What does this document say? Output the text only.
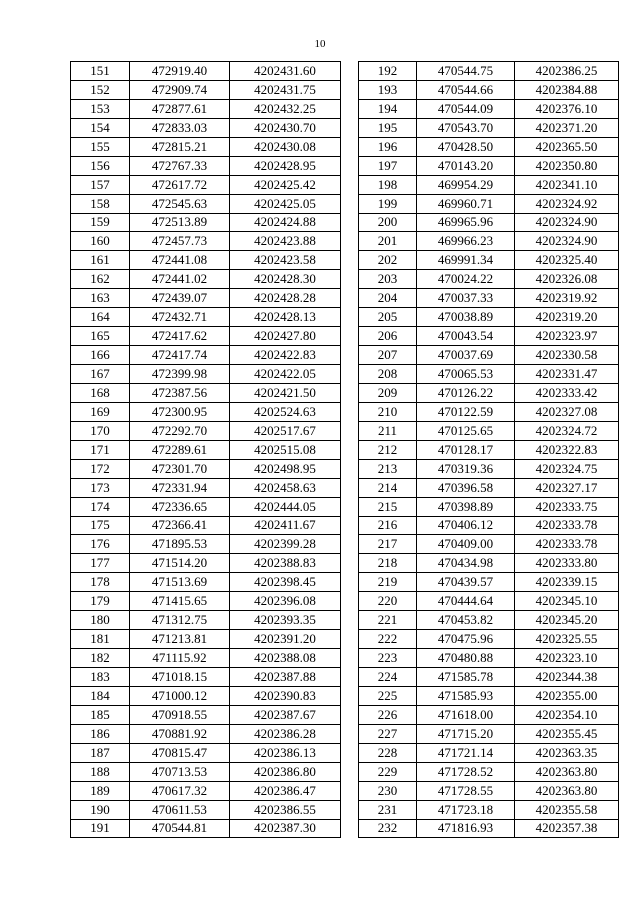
10
151	472919.40	4202431.60
152	472909.74	4202431.75
153	472877.61	4202432.25
154	472833.03	4202430.70
155	472815.21	4202430.08
156	472767.33	4202428.95
157	472617.72	4202425.42
158	472545.63	4202425.05
159	472513.89	4202424.88
160	472457.73	4202423.88
161	472441.08	4202423.58
162	472441.02	4202428.30
163	472439.07	4202428.28
164	472432.71	4202428.13
165	472417.62	4202427.80
166	472417.74	4202422.83
167	472399.98	4202422.05
168	472387.56	4202421.50
169	472300.95	4202524.63
170	472292.70	4202517.67
171	472289.61	4202515.08
172	472301.70	4202498.95
173	472331.94	4202458.63
174	472336.65	4202444.05
175	472366.41	4202411.67
176	471895.53	4202399.28
177	471514.20	4202388.83
178	471513.69	4202398.45
179	471415.65	4202396.08
180	471312.75	4202393.35
181	471213.81	4202391.20
182	471115.92	4202388.08
183	471018.15	4202387.88
184	471000.12	4202390.83
185	470918.55	4202387.67
186	470881.92	4202386.28
187	470815.47	4202386.13
188	470713.53	4202386.80
189	470617.32	4202386.47
190	470611.53	4202386.55
191	470544.81	4202387.30
192	470544.75	4202386.25
193	470544.66	4202384.88
194	470544.09	4202376.10
195	470543.70	4202371.20
196	470428.50	4202365.50
197	470143.20	4202350.80
198	469954.29	4202341.10
199	469960.71	4202324.92
200	469965.96	4202324.90
201	469966.23	4202324.90
202	469991.34	4202325.40
203	470024.22	4202326.08
204	470037.33	4202319.92
205	470038.89	4202319.20
206	470043.54	4202323.97
207	470037.69	4202330.58
208	470065.53	4202331.47
209	470126.22	4202333.42
210	470122.59	4202327.08
211	470125.65	4202324.72
212	470128.17	4202322.83
213	470319.36	4202324.75
214	470396.58	4202327.17
215	470398.89	4202333.75
216	470406.12	4202333.78
217	470409.00	4202333.78
218	470434.98	4202333.80
219	470439.57	4202339.15
220	470444.64	4202345.10
221	470453.82	4202345.20
222	470475.96	4202325.55
223	470480.88	4202323.10
224	471585.78	4202344.38
225	471585.93	4202355.00
226	471618.00	4202354.10
227	471715.20	4202355.45
228	471721.14	4202363.35
229	471728.52	4202363.80
230	471728.55	4202363.80
231	471723.18	4202355.58
232	471816.93	4202357.38
